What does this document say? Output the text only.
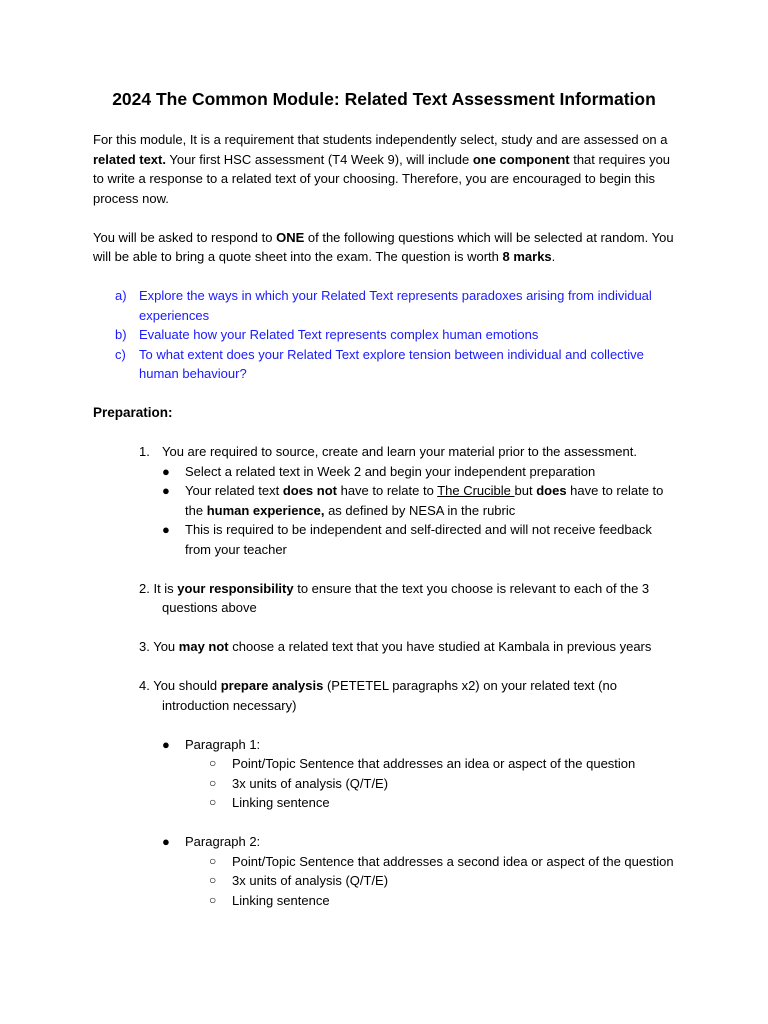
2024 The Common Module: Related Text Assessment Information

For this module, It is a requirement that students independently select, study and are assessed on a related text. Your first HSC assessment (T4 Week 9), will include one component that requires you to write a response to a related text of your choosing. Therefore, you are encouraged to begin this process now.

You will be asked to respond to ONE of the following questions which will be selected at random. You will be able to bring a quote sheet into the exam. The question is worth 8 marks.

a) Explore the ways in which your Related Text represents paradoxes arising from individual experiences
b) Evaluate how your Related Text represents complex human emotions
c) To what extent does your Related Text explore tension between individual and collective human behaviour?
Preparation:
1. You are required to source, create and learn your material prior to the assessment.
● Select a related text in Week 2 and begin your independent preparation
● Your related text does not have to relate to The Crucible but does have to relate to the human experience, as defined by NESA in the rubric
● This is required to be independent and self-directed and will not receive feedback from your teacher
2. It is your responsibility to ensure that the text you choose is relevant to each of the 3 questions above
3. You may not choose a related text that you have studied at Kambala in previous years
4. You should prepare analysis (PETETEL paragraphs x2) on your related text (no introduction necessary)
● Paragraph 1:
○ Point/Topic Sentence that addresses an idea or aspect of the question
○ 3x units of analysis (Q/T/E)
○ Linking sentence
● Paragraph 2:
○ Point/Topic Sentence that addresses a second idea or aspect of the question
○ 3x units of analysis (Q/T/E)
○ Linking sentence
